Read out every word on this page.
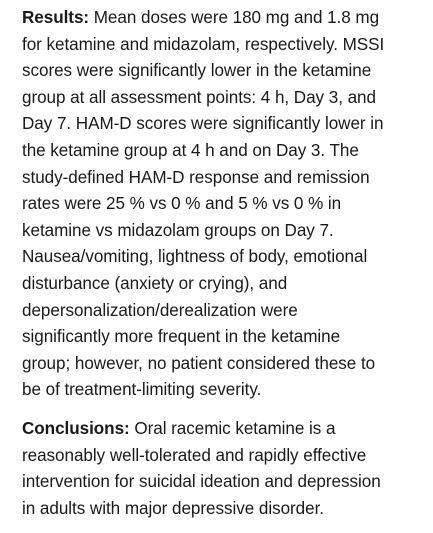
Results: Mean doses were 180 mg and 1.8 mg
for ketamine and midazolam, respectively. MSSI
scores were significantly lower in the ketamine
group at all assessment points: 4 h, Day 3, and
Day 7. HAM-D scores were significantly lower in
the ketamine group at 4 h and on Day 3. The
study-defined HAM-D response and remission
rates were 25 % vs 0 % and 5 % vs 0 % in
ketamine vs midazolam groups on Day 7.
Nausea/vomiting, lightness of body, emotional
disturbance (anxiety or crying), and
depersonalization/derealization were
significantly more frequent in the ketamine
group; however, no patient considered these to
be of treatment-limiting severity.

Conclusions: Oral racemic ketamine is a
reasonably well-tolerated and rapidly effective
intervention for suicidal ideation and depression
in adults with major depressive disorder.
